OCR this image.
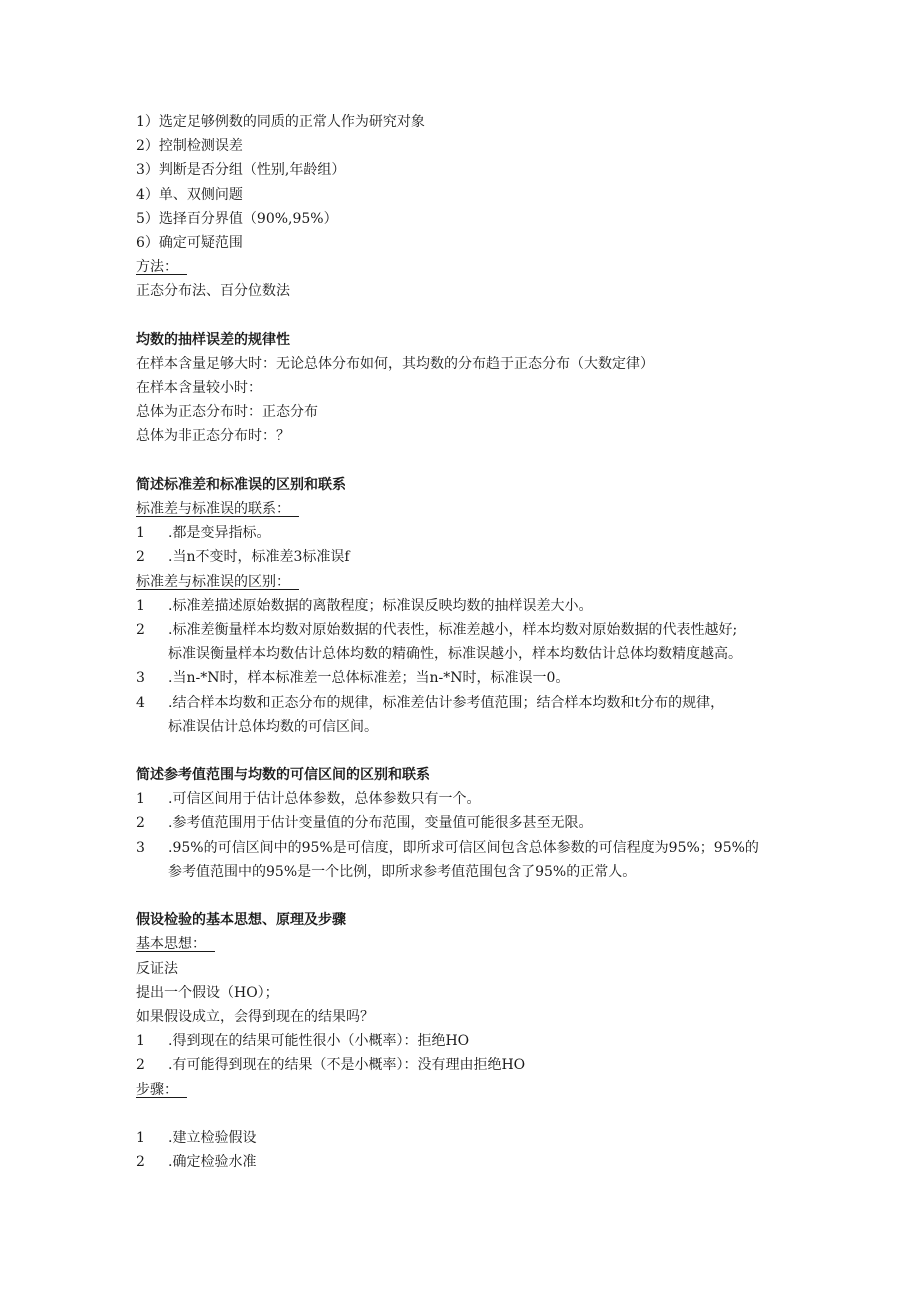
1）选定足够例数的同质的正常人作为研究对象
2）控制检测误差
3）判断是否分组（性别,年龄组）
4）单、双侧问题
5）选择百分界值（90%,95%）
6）确定可疑范围
方法：
正态分布法、百分位数法
均数的抽样误差的规律性
在样本含量足够大时：无论总体分布如何，其均数的分布趋于正态分布（大数定律）
在样本含量较小时：
总体为正态分布时：正态分布
总体为非正态分布时：？
简述标准差和标准误的区别和联系
标准差与标准误的联系：
1 .都是变异指标。
2 .当n不变时，标准差3标准误f
标准差与标准误的区别：
1 .标准差描述原始数据的离散程度；标准误反映均数的抽样误差大小。
2 .标准差衡量样本均数对原始数据的代表性，标准差越小，样本均数对原始数据的代表性越好;
标准误衡量样本均数估计总体均数的精确性，标准误越小，样本均数估计总体均数精度越高。
3 .当n-*N时，样本标准差一总体标准差；当n-*N时，标准误一0。
4 .结合样本均数和正态分布的规律，标准差估计参考值范围；结合样本均数和t分布的规律，
标准误估计总体均数的可信区间。
简述参考值范围与均数的可信区间的区别和联系
1 .可信区间用于估计总体参数，总体参数只有一个。
2 .参考值范围用于估计变量值的分布范围，变量值可能很多甚至无限。
3 .95%的可信区间中的95%是可信度，即所求可信区间包含总体参数的可信程度为95%；95%的
参考值范围中的95%是一个比例，即所求参考值范围包含了95%的正常人。
假设检验的基本思想、原理及步骤
基本思想：
反证法
提出一个假设（HO）；
如果假设成立，会得到现在的结果吗？
1 .得到现在的结果可能性很小（小概率）：拒绝HO
2 .有可能得到现在的结果（不是小概率）：没有理由拒绝HO
步骤：
1 .建立检验假设
2 .确定检验水准
